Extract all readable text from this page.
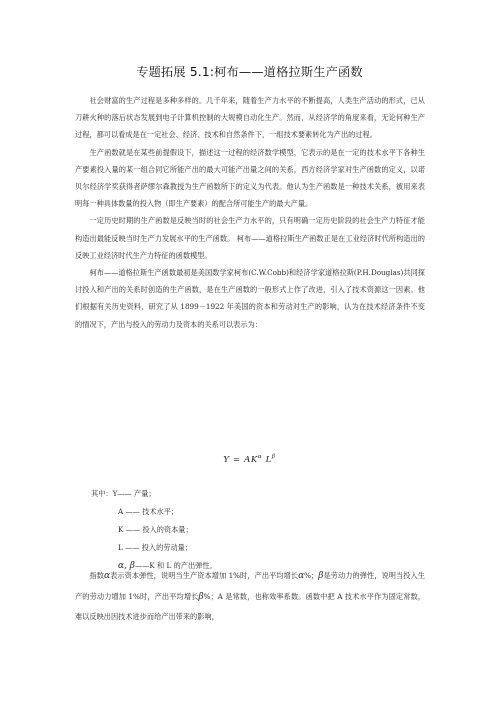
专题拓展 5.1:柯布——道格拉斯生产函数

社会财富的生产过程是多种多样的。几千年来，随着生产力水平的不断提高，人类生产活动的形式，已从刀耕火种的落后状态发展到电子计算机控制的大规模自动化生产。然而，从经济学的角度来看，无论何种生产过程，都可以看成是在一定社会、经济、技术和自然条件下，一组技术要素转化为产出的过程。

生产函数就是在某些前提假设下，描述这一过程的经济数学模型，它表示的是在一定的技术水平下各种生产要素投入量的某一组合同它所能产出的最大可能产出量之间的关系，西方经济学家对生产函数的定义，以诺贝尔经济学奖获得者萨缪尔森教授为生产函数所下的定义为代表。他认为生产函数是一种技术关系，被用来表明每一种具体数量的投入物（即生产要素）的配合所可能生产的最大产量。

一定历史时期的生产函数是反映当时的社会生产力水平的，只有明确一定历史阶段的社会生产力特征才能构造出最能反映当时生产力发展水平的生产函数。 柯布——道格拉斯生产函数正是在工业经济时代所构造出的反映工业经济时代生产力特征的函数模型。

柯布——道格拉斯生产函数最初是美国数学家柯布(C.W.Cobb)和经济学家道格拉斯(P.H.Douglas)共同探讨投入和产出的关系时创造的生产函数，是在生产函数的一般形式上作了改进，引入了技术资源这一因素。他们根据有关历史资料，研究了从 1899－1922 年美国的资本和劳动对生产的影响，认为在技术经济条件不变的情况下，产出与投入的劳动力及资本的关系可以表示为：

$Y = AK^\alpha$ $L^\beta$
其中：Y—— 产量；
A —— 技术水平；
K —— 投入的资本量；
L —— 投入的劳动量；
α, β——K 和 L 的产出弹性。
指数α表示资本弹性，说明当生产资本增加 1%时，产出平均增长α%；β是劳动力的弹性，说明当投入生产的劳动力增加 1%时，产出平均增长β%；A 是常数，也称效率系数。函数中把 A 技术水平作为固定常数，难以反映出因技术进步而给产出带来的影响，
